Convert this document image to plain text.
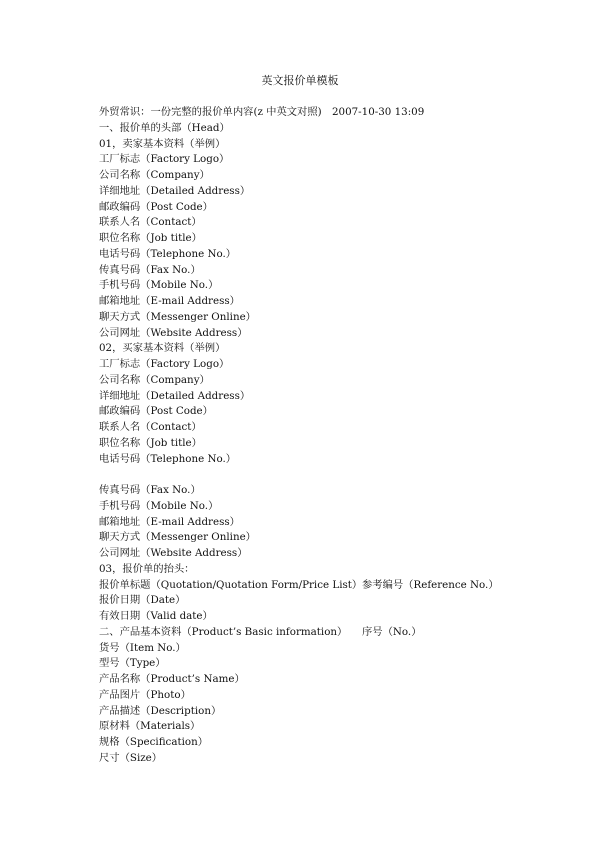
英文报价单模板
外贸常识：一份完整的报价单内容(z 中英文对照)　2007-10-30 13:09
一、报价单的头部（Head）
01，卖家基本资料（举例）
工厂标志（Factory Logo）
公司名称（Company）
详细地址（Detailed Address）
邮政编码（Post Code）
联系人名（Contact）
职位名称（Job title）
电话号码（Telephone No.）
传真号码（Fax No.）
手机号码（Mobile No.）
邮箱地址（E-mail Address）
聊天方式（Messenger Online）
公司网址（Website Address）
02，买家基本资料（举例）
工厂标志（Factory Logo）
公司名称（Company）
详细地址（Detailed Address）
邮政编码（Post Code）
联系人名（Contact）
职位名称（Job title）
电话号码（Telephone No.）
传真号码（Fax No.）
手机号码（Mobile No.）
邮箱地址（E-mail Address）
聊天方式（Messenger Online）
公司网址（Website Address）
03，报价单的抬头：
报价单标题（Quotation/Quotation Form/Price List） 参考编号（Reference No.）
报价日期（Date）
有效日期（Valid date）
二、产品基本资料（Product’s Basic information） 序号（No.）
货号（Item No.）
型号（Type）
产品名称（Product’s Name）
产品图片（Photo）
产品描述（Description）
原材料（Materials）
规格（Specification）
尺寸（Size）
